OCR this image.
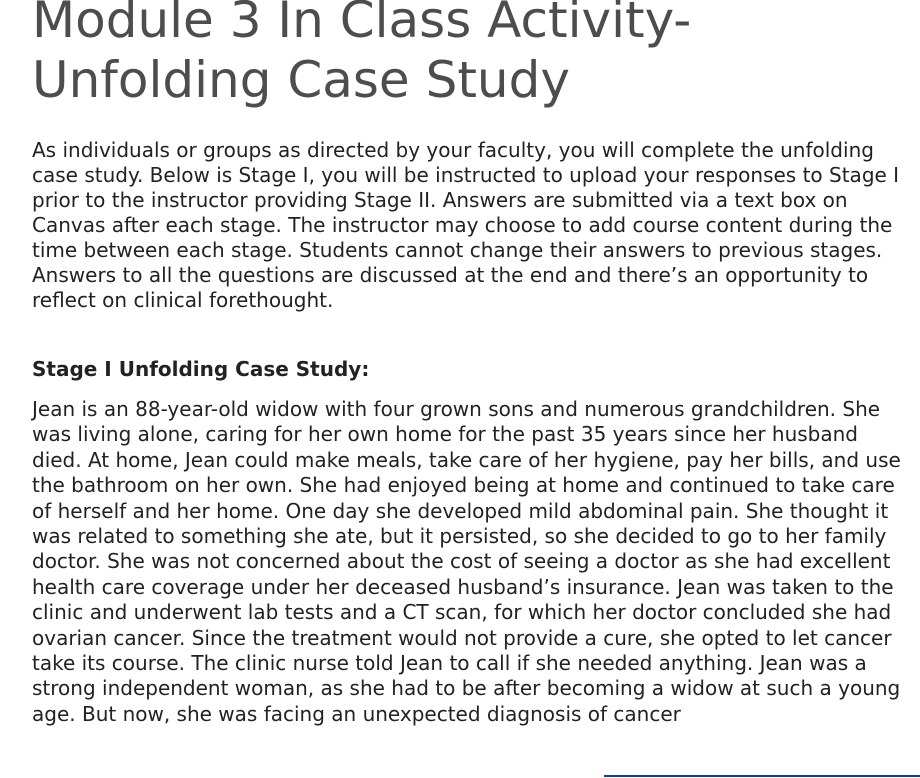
Module 3 In Class Activity- Unfolding Case Study

As individuals or groups as directed by your faculty, you will complete the unfolding case study. Below is Stage I, you will be instructed to upload your responses to Stage I prior to the instructor providing Stage II. Answers are submitted via a text box on Canvas after each stage. The instructor may choose to add course content during the time between each stage. Students cannot change their answers to previous stages. Answers to all the questions are discussed at the end and there’s an opportunity to reflect on clinical forethought.

Stage I Unfolding Case Study:

Jean is an 88-year-old widow with four grown sons and numerous grandchildren. She was living alone, caring for her own home for the past 35 years since her husband died. At home, Jean could make meals, take care of her hygiene, pay her bills, and use the bathroom on her own. She had enjoyed being at home and continued to take care of herself and her home. One day she developed mild abdominal pain. She thought it was related to something she ate, but it persisted, so she decided to go to her family doctor. She was not concerned about the cost of seeing a doctor as she had excellent health care coverage under her deceased husband’s insurance. Jean was taken to the clinic and underwent lab tests and a CT scan, for which her doctor concluded she had ovarian cancer. Since the treatment would not provide a cure, she opted to let cancer take its course. The clinic nurse told Jean to call if she needed anything. Jean was a strong independent woman, as she had to be after becoming a widow at such a young age. But now, she was facing an unexpected diagnosis of cancer
